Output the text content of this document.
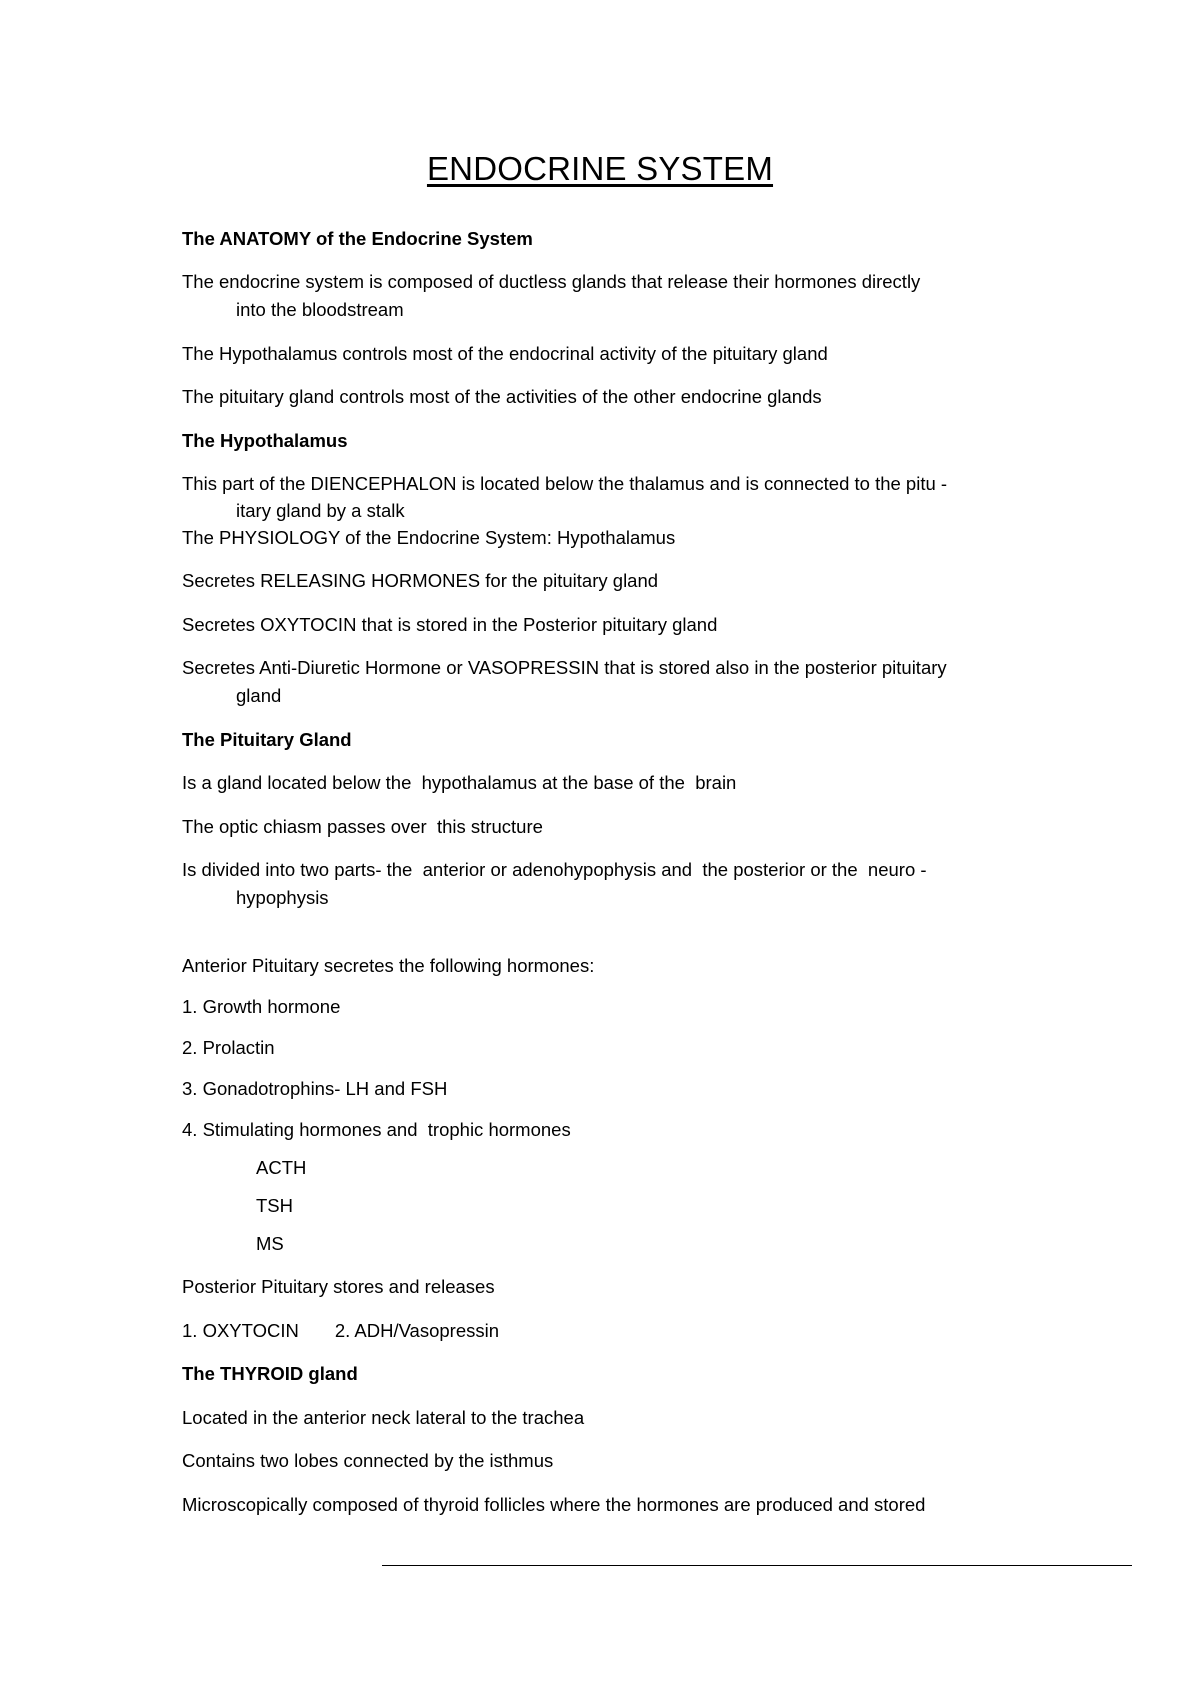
ENDOCRINE SYSTEM
The ANATOMY of the Endocrine System
The endocrine system is composed of ductless glands that release their hormones directly
into the bloodstream
The Hypothalamus controls most of the endocrinal activity of the pituitary gland
The pituitary gland controls most of the activities of the other endocrine glands
The Hypothalamus
This part of the DIENCEPHALON is located below the thalamus and is connected to the pitu -
itary gland by a stalk
The PHYSIOLOGY of the Endocrine System: Hypothalamus
Secretes RELEASING HORMONES for the pituitary gland
Secretes OXYTOCIN that is stored in the Posterior pituitary gland
Secretes Anti-Diuretic Hormone or VASOPRESSIN that is stored also in the posterior pituitary
gland
The Pituitary Gland
Is a gland located below the  hypothalamus at the base of the  brain
The optic chiasm passes over  this structure
Is divided into two parts- the  anterior or adenohypophysis and  the posterior or the  neuro -
hypophysis
Anterior Pituitary secretes the following hormones:
1. Growth hormone
2. Prolactin
3. Gonadotrophins- LH and FSH
4. Stimulating hormones and  trophic hormones
ACTH
TSH
MS
Posterior Pituitary stores and releases
1. OXYTOCIN       2. ADH/Vasopressin
The THYROID gland
Located in the anterior neck lateral to the trachea
Contains two lobes connected by the isthmus
Microscopically composed of thyroid follicles where the hormones are produced and stored
